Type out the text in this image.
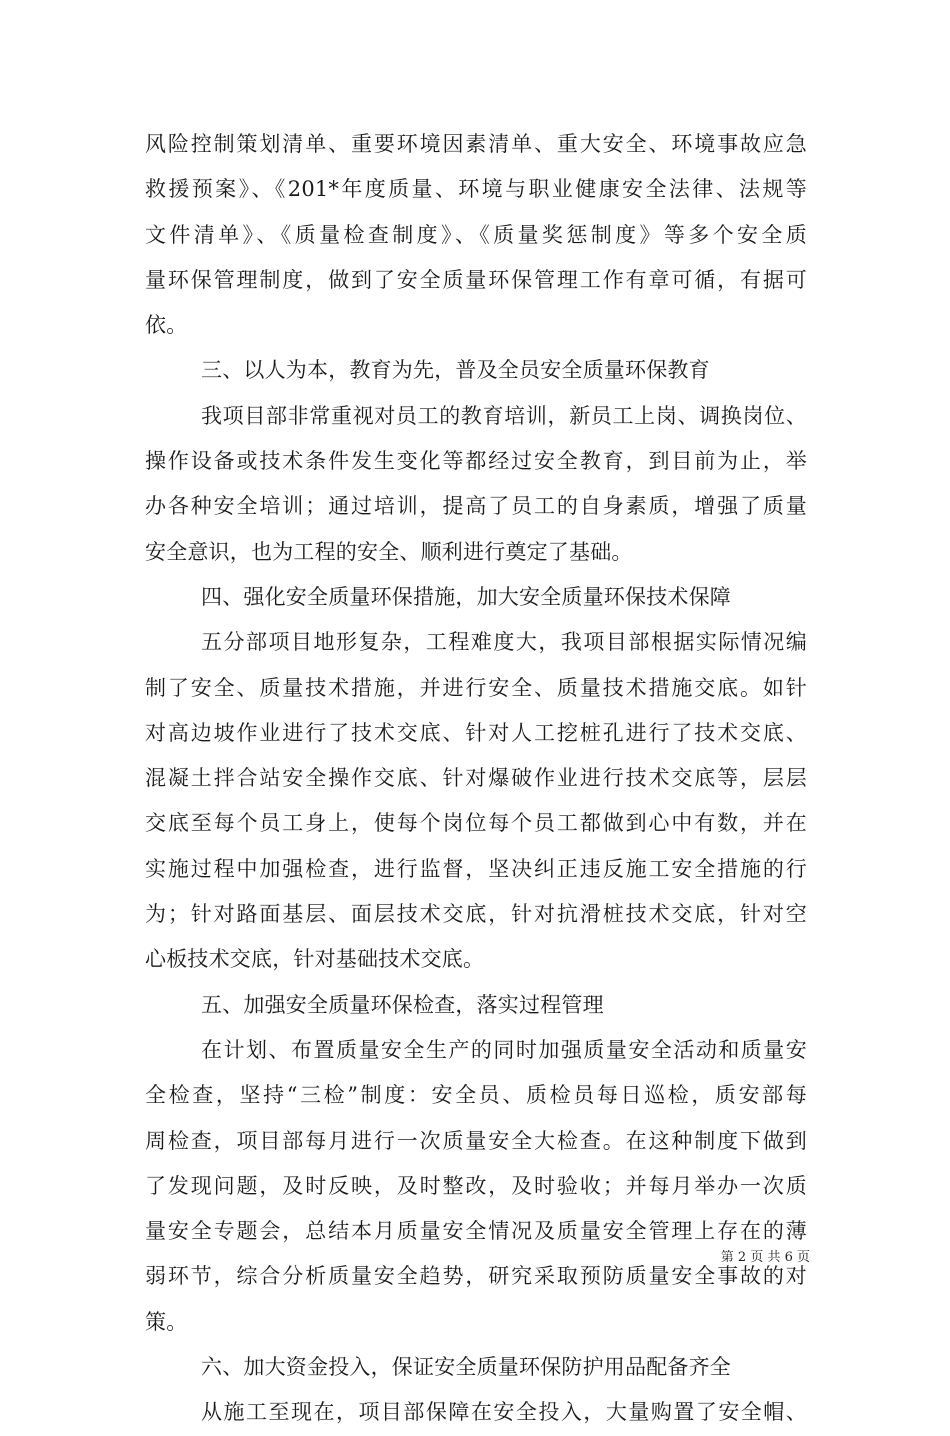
风险控制策划清单、重要环境因素清单、重大安全、环境事故应急
救援预案》、《201*年度质量、环境与职业健康安全法律、法规等
文件清单》、《质量检查制度》、《质量奖惩制度》等多个安全质
量环保管理制度，做到了安全质量环保管理工作有章可循，有据可
依。
三、以人为本，教育为先，普及全员安全质量环保教育
我项目部非常重视对员工的教育培训，新员工上岗、调换岗位、
操作设备或技术条件发生变化等都经过安全教育，到目前为止，举
办各种安全培训；通过培训，提高了员工的自身素质，增强了质量
安全意识，也为工程的安全、顺利进行奠定了基础。
四、强化安全质量环保措施，加大安全质量环保技术保障
五分部项目地形复杂，工程难度大，我项目部根据实际情况编
制了安全、质量技术措施，并进行安全、质量技术措施交底。如针
对高边坡作业进行了技术交底、针对人工挖桩孔进行了技术交底、
混凝土拌合站安全操作交底、针对爆破作业进行技术交底等，层层
交底至每个员工身上，使每个岗位每个员工都做到心中有数，并在
实施过程中加强检查，进行监督，坚决纠正违反施工安全措施的行
为；针对路面基层、面层技术交底，针对抗滑桩技术交底，针对空
心板技术交底，针对基础技术交底。
五、加强安全质量环保检查，落实过程管理
在计划、布置质量安全生产的同时加强质量安全活动和质量安
全检查，坚持“三检”制度：安全员、质检员每日巡检，质安部每
周检查，项目部每月进行一次质量安全大检查。在这种制度下做到
了发现问题，及时反映，及时整改，及时验收；并每月举办一次质
量安全专题会，总结本月质量安全情况及质量安全管理上存在的薄
弱环节，综合分析质量安全趋势，研究采取预防质量安全事故的对
策。
六、加大资金投入，保证安全质量环保防护用品配备齐全
从施工至现在，项目部保障在安全投入，大量购置了安全帽、
第 2 页 共 6 页
